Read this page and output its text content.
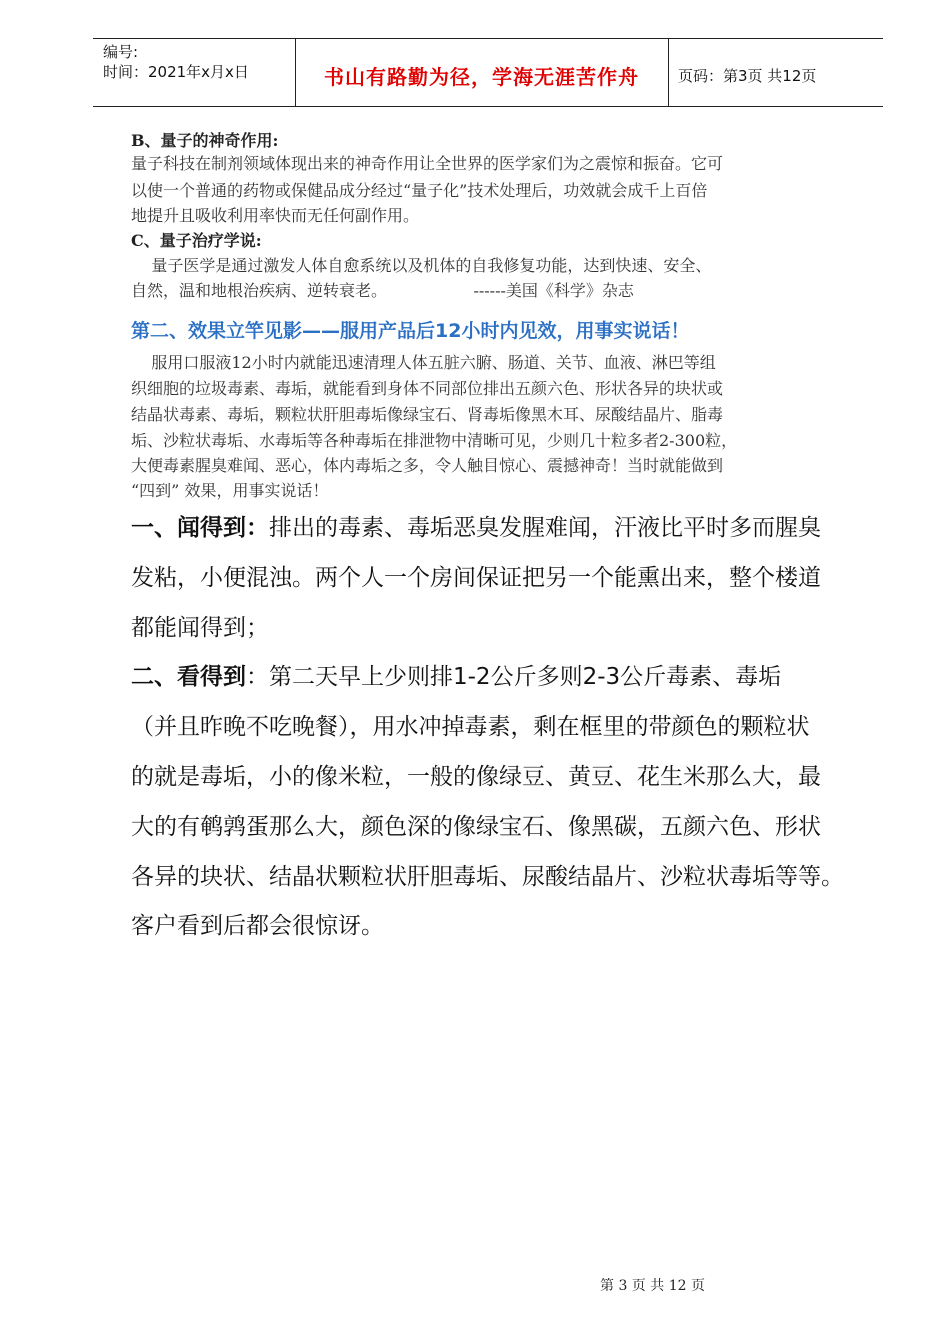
编号:
时间：2021年x月x日	书山有路勤为径，学海无涯苦作舟	页码：第3页 共12页
B、量子的神奇作用:
量子科技在制剂领域体现出来的神奇作用让全世界的医学家们为之震惊和振奋。它可
以使一个普通的药物或保健品成分经过“量子化”技术处理后，功效就会成千上百倍
地提升且吸收利用率快而无任何副作用。
C、量子治疗学说:
量子医学是通过激发人体自愈系统以及机体的自我修复功能，达到快速、安全、
自然，温和地根治疾病、逆转衰老。                 ------美国《科学》杂志
第二、效果立竿见影——服用产品后12小时内见效，用事实说话！
服用口服液12小时内就能迅速清理人体五脏六腑、肠道、关节、血液、淋巴等组
织细胞的垃圾毒素、毒垢，就能看到身体不同部位排出五颜六色、形状各异的块状或
结晶状毒素、毒垢，颗粒状肝胆毒垢像绿宝石、肾毒垢像黑木耳、尿酸结晶片、脂毒
垢、沙粒状毒垢、水毒垢等各种毒垢在排泄物中清晰可见，少则几十粒多者2-300粒，
大便毒素腥臭难闻、恶心，体内毒垢之多，令人触目惊心、震撼神奇！当时就能做到
“四到” 效果，用事实说话！
一、闻得到：排出的毒素、毒垢恶臭发腥难闻，汗液比平时多而腥臭
发粘，小便混浊。两个人一个房间保证把另一个能熏出来，整个楼道
都能闻得到；
二、看得到：第二天早上少则排1-2公斤多则2-3公斤毒素、毒垢
（并且昨晚不吃晚餐），用水冲掉毒素，剩在框里的带颜色的颗粒状
的就是毒垢，小的像米粒，一般的像绿豆、黄豆、花生米那么大，最
大的有鹌鹑蛋那么大，颜色深的像绿宝石、像黑碳，五颜六色、形状
各异的块状、结晶状颗粒状肝胆毒垢、尿酸结晶片、沙粒状毒垢等等。
客户看到后都会很惊讶。
第 3 页 共 12 页
